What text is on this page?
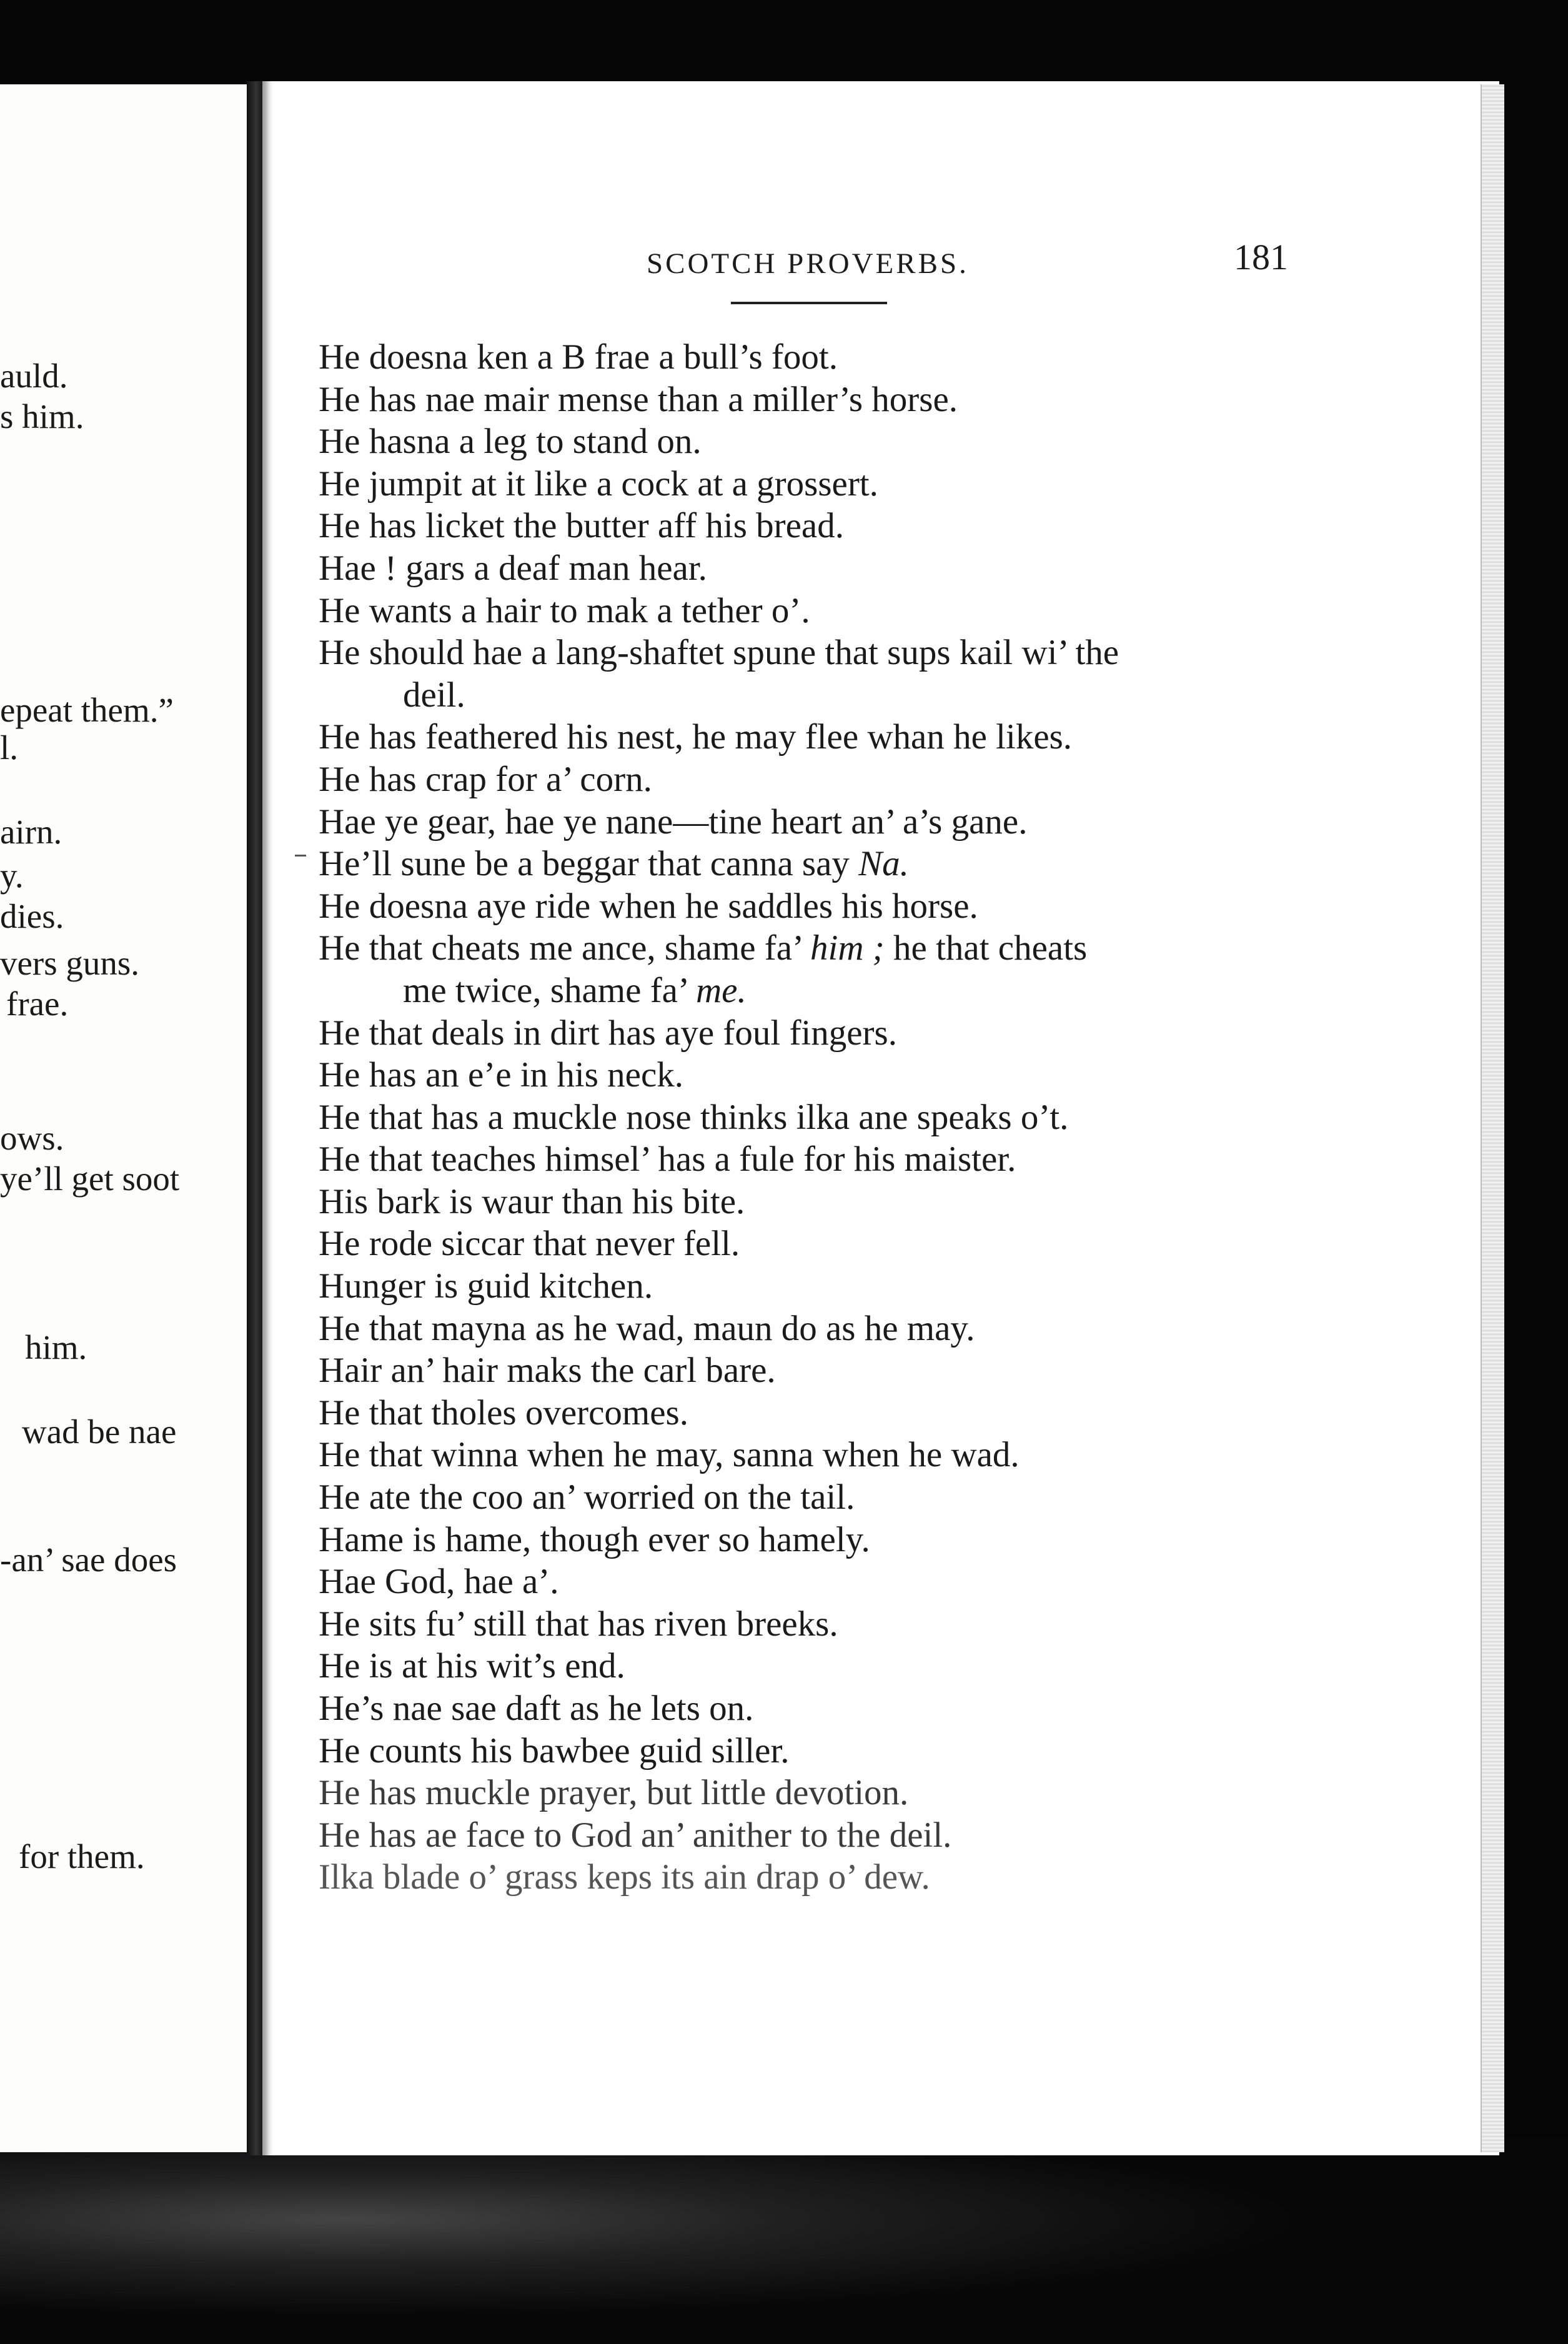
auld.
s him.
epeat them.”
l.
airn.
y.
dies.
vers guns.
frae.
ows.
ye’ll get soot
him.
wad be nae
-an’ sae does
for them.
SCOTCH PROVERBS.	181
He doesna ken a B frae a bull’s foot.
He has nae mair mense than a miller’s horse.
He hasna a leg to stand on.
He jumpit at it like a cock at a grossert.
He has licket the butter aff his bread.
Hae ! gars a deaf man hear.
He wants a hair to mak a tether o’.
He should hae a lang-shaftet spune that sups kail wi’ the
deil.
He has feathered his nest, he may flee whan he likes.
He has crap for a’ corn.
Hae ye gear, hae ye nane—tine heart an’ a’s gane.
He’ll sune be a beggar that canna say Na.
He doesna aye ride when he saddles his horse.
He that cheats me ance, shame fa’ him ; he that cheats
me twice, shame fa’ me.
He that deals in dirt has aye foul fingers.
He has an e’e in his neck.
He that has a muckle nose thinks ilka ane speaks o’t.
He that teaches himsel’ has a fule for his maister.
His bark is waur than his bite.
He rode siccar that never fell.
Hunger is guid kitchen.
He that mayna as he wad, maun do as he may.
Hair an’ hair maks the carl bare.
He that tholes overcomes.
He that winna when he may, sanna when he wad.
He ate the coo an’ worried on the tail.
Hame is hame, though ever so hamely.
Hae God, hae a’.
He sits fu’ still that has riven breeks.
He is at his wit’s end.
He’s nae sae daft as he lets on.
He counts his bawbee guid siller.
He has muckle prayer, but little devotion.
He has ae face to God an’ anither to the deil.
Ilka blade o’ grass keps its ain drap o’ dew.
